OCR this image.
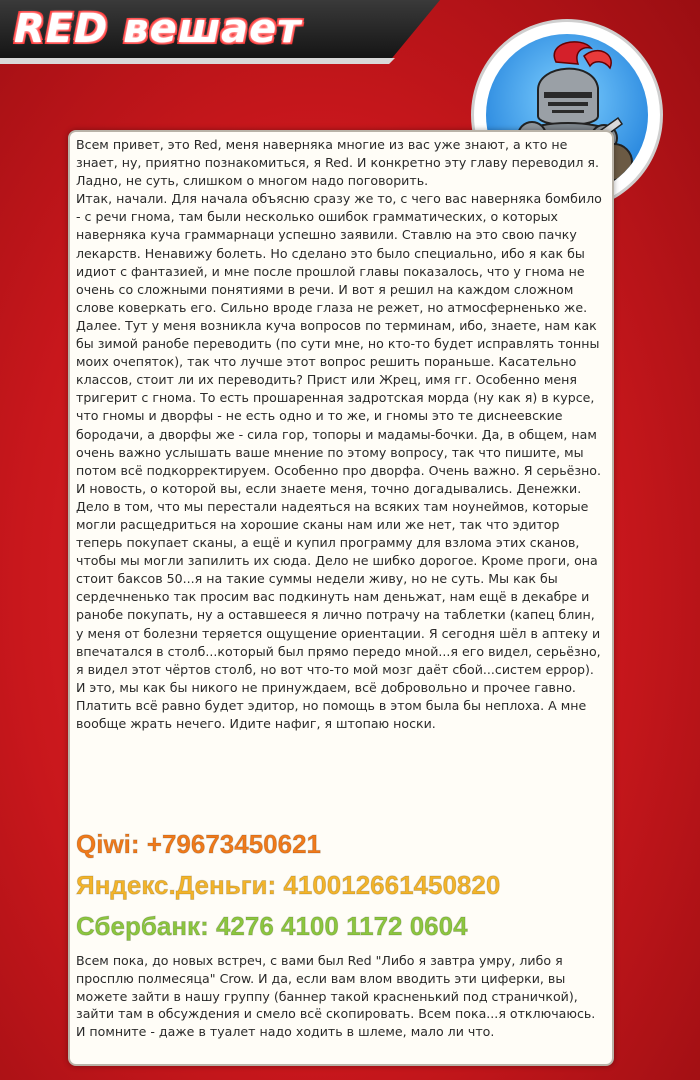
RED вешает

Всем привет, это Red, меня наверняка многие из вас уже знают, а кто не знает, ну, приятно познакомиться, я Red. И конкретно эту главу переводил я. Ладно, не суть, слишком о многом надо поговорить.

Итак, начали. Для начала объясню сразу же то, с чего вас наверняка бомбило - с речи гнома, там были несколько ошибок грамматических, о которых наверняка куча граммарнаци успешно заявили. Ставлю на это свою пачку лекарств. Ненавижу болеть. Но сделано это было специально, ибо я как бы идиот с фантазией, и мне после прошлой главы показалось, что у гнома не очень со сложными понятиями в речи. И вот я решил на каждом сложном слове коверкать его. Сильно вроде глаза не режет, но атмосферненько же.

Далее. Тут у меня возникла куча вопросов по терминам, ибо, знаете, нам как бы зимой ранобе переводить (по сути мне, но кто-то будет исправлять тонны моих очепяток), так что лучше этот вопрос решить пораньше. Касательно классов, стоит ли их переводить? Прист или Жрец, имя гг. Особенно меня тригерит с гнома. То есть прошаренная задротская морда (ну как я) в курсе, что гномы и дворфы - не есть одно и то же, и гномы это те диснеевские бородачи, а дворфы же - сила гор, топоры и мадамы-бочки. Да, в общем, нам очень важно услышать ваше мнение по этому вопросу, так что пишите, мы потом всё подкорректируем. Особенно про дворфа. Очень важно. Я серьёзно.

И новость, о которой вы, если знаете меня, точно догадывались. Денежки. Дело в том, что мы перестали надеяться на всяких там ноунеймов, которые могли расщедриться на хорошие сканы нам или же нет, так что эдитор теперь покупает сканы, а ещё и купил программу для взлома этих сканов, чтобы мы могли запилить их сюда. Дело не шибко дорогое. Кроме проги, она стоит баксов 50...я на такие суммы недели живу, но не суть. Мы как бы сердечненько так просим вас подкинуть нам деньжат, нам ещё в декабре и ранобе покупать, ну а оставшееся я лично потрачу на таблетки (капец блин, у меня от болезни теряется ощущение ориентации. Я сегодня шёл в аптеку и впечатался в столб...который был прямо передо мной...я его видел, серьёзно, я видел этот чёртов столб, но вот что-то мой мозг даёт сбой...систем еррор). И это, мы как бы никого не принуждаем, всё добровольно и прочее гавно. Платить всё равно будет эдитор, но помощь в этом была бы неплоха. А мне вообще жрать нечего. Идите нафиг, я штопаю носки.

Qiwi: +79673450621
Яндекс.Деньги: 410012661450820
Сбербанк: 4276 4100 1172 0604

Всем пока, до новых встреч, с вами был Red "Либо я завтра умру, либо я просплю полмесяца" Crow. И да, если вам влом вводить эти циферки, вы можете зайти в нашу группу (баннер такой красненький под страничкой), зайти там в обсуждения и смело всё скопировать. Всем пока...я отключаюсь.

И помните - даже в туалет надо ходить в шлеме, мало ли что.
